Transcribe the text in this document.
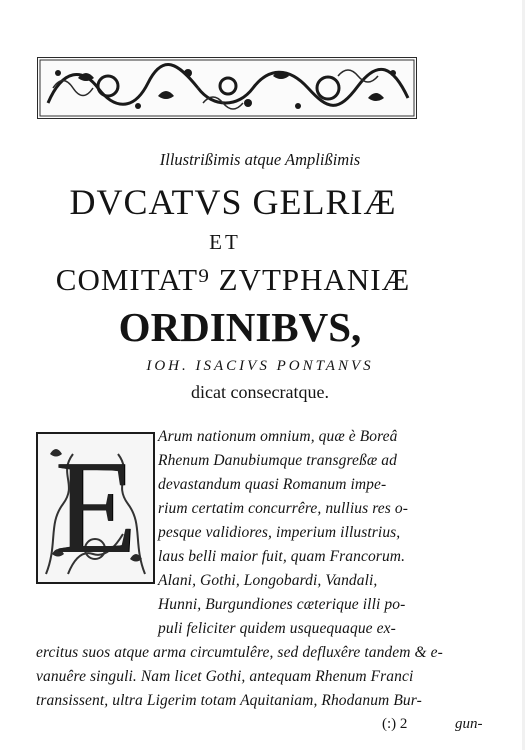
Illustrißimis atque Amplißimis
DVCATVS GELRIÆ
ET
COMITAT⁹ ZVTPHANIÆ
ORDINIBVS,
IOH. ISACIVS PONTANVS
dicat consecratque.
E	Arum nationum omnium, quæ è Boreâ
Rhenum Danubiumque transgreßæ ad
devastandum quasi Romanum impe-
rium certatim concurrêre, nullius res o-
pesque validiores, imperium illustrius,
laus belli maior fuit, quam Francorum.
Alani, Gothi, Longobardi, Vandali,
Hunni, Burgundiones cæterique illi po-
puli feliciter quidem usquequaque ex-
ercitus suos atque arma circumtulêre, sed defluxêre tandem & e-
vanuêre singuli. Nam licet Gothi, antequam Rhenum Franci
transissent, ultra Ligerim totam Aquitaniam, Rhodanum Bur-
(:) 2	gun-
